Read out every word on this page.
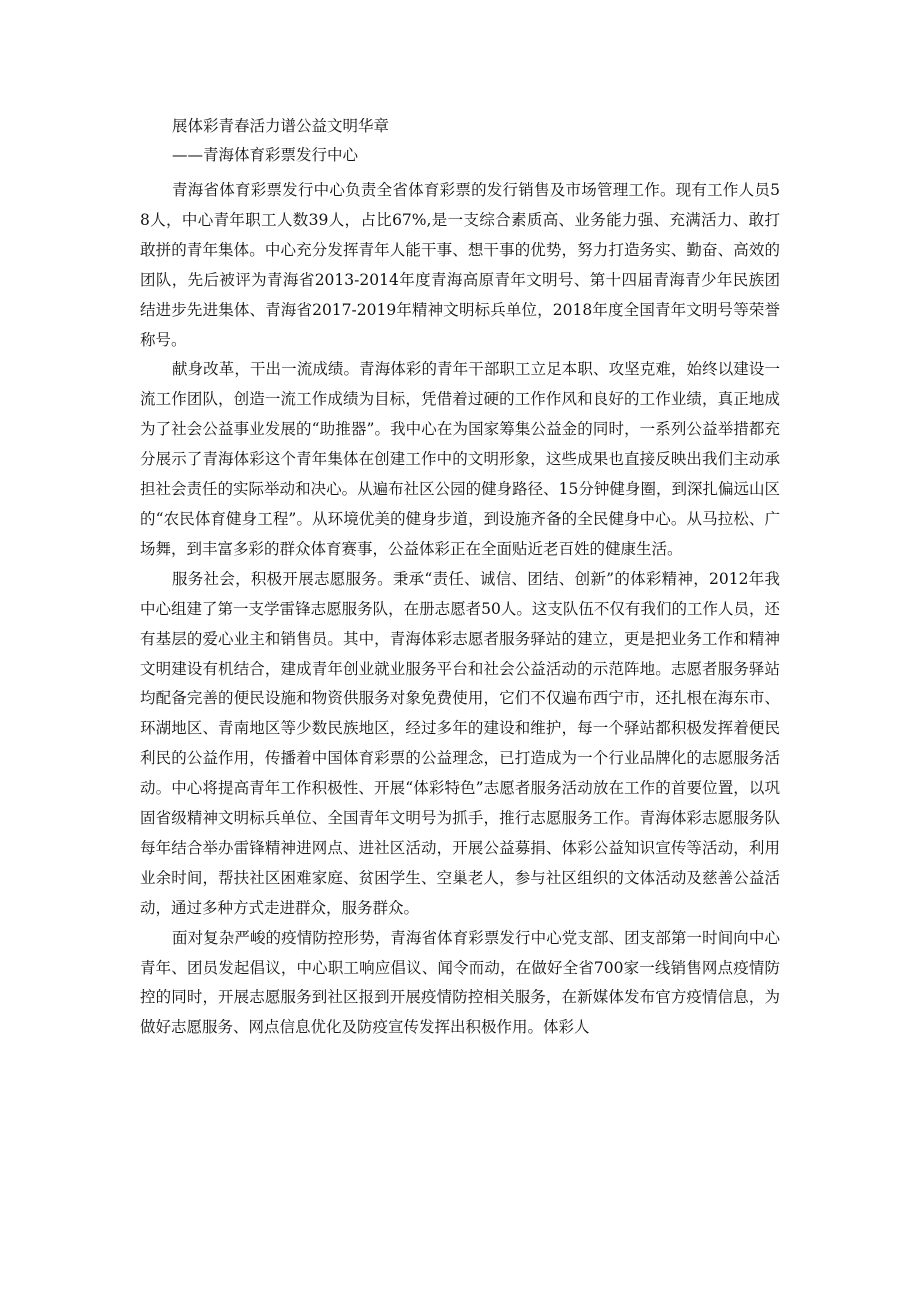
展体彩青春活力谱公益文明华章

——青海体育彩票发行中心

青海省体育彩票发行中心负责全省体育彩票的发行销售及市场管理工作。现有工作人员58人，中心青年职工人数39人，占比67%,是一支综合素质高、业务能力强、充满活力、敢打敢拼的青年集体。中心充分发挥青年人能干事、想干事的优势，努力打造务实、勤奋、高效的团队，先后被评为青海省2013-2014年度青海高原青年文明号、第十四届青海青少年民族团结进步先进集体、青海省2017-2019年精神文明标兵单位，2018年度全国青年文明号等荣誉称号。

献身改革，干出一流成绩。青海体彩的青年干部职工立足本职、攻坚克难，始终以建设一流工作团队，创造一流工作成绩为目标，凭借着过硬的工作作风和良好的工作业绩，真正地成为了社会公益事业发展的“助推器”。我中心在为国家筹集公益金的同时，一系列公益举措都充分展示了青海体彩这个青年集体在创建工作中的文明形象，这些成果也直接反映出我们主动承担社会责任的实际举动和决心。从遍布社区公园的健身路径、15分钟健身圈，到深扎偏远山区的“农民体育健身工程”。从环境优美的健身步道，到设施齐备的全民健身中心。从马拉松、广场舞，到丰富多彩的群众体育赛事，公益体彩正在全面贴近老百姓的健康生活。

服务社会，积极开展志愿服务。秉承“责任、诚信、团结、创新”的体彩精神，2012年我中心组建了第一支学雷锋志愿服务队，在册志愿者50人。这支队伍不仅有我们的工作人员，还有基层的爱心业主和销售员。其中，青海体彩志愿者服务驿站的建立，更是把业务工作和精神文明建设有机结合，建成青年创业就业服务平台和社会公益活动的示范阵地。志愿者服务驿站均配备完善的便民设施和物资供服务对象免费使用，它们不仅遍布西宁市，还扎根在海东市、环湖地区、青南地区等少数民族地区，经过多年的建设和维护，每一个驿站都积极发挥着便民利民的公益作用，传播着中国体育彩票的公益理念，已打造成为一个行业品牌化的志愿服务活动。中心将提高青年工作积极性、开展“体彩特色”志愿者服务活动放在工作的首要位置，以巩固省级精神文明标兵单位、全国青年文明号为抓手，推行志愿服务工作。青海体彩志愿服务队每年结合举办雷锋精神进网点、进社区活动，开展公益募捐、体彩公益知识宣传等活动，利用业余时间，帮扶社区困难家庭、贫困学生、空巢老人，参与社区组织的文体活动及慈善公益活动，通过多种方式走进群众，服务群众。

面对复杂严峻的疫情防控形势，青海省体育彩票发行中心党支部、团支部第一时间向中心青年、团员发起倡议，中心职工响应倡议、闻令而动，在做好全省700家一线销售网点疫情防控的同时，开展志愿服务到社区报到开展疫情防控相关服务，在新媒体发布官方疫情信息，为做好志愿服务、网点信息优化及防疫宣传发挥出积极作用。体彩人
